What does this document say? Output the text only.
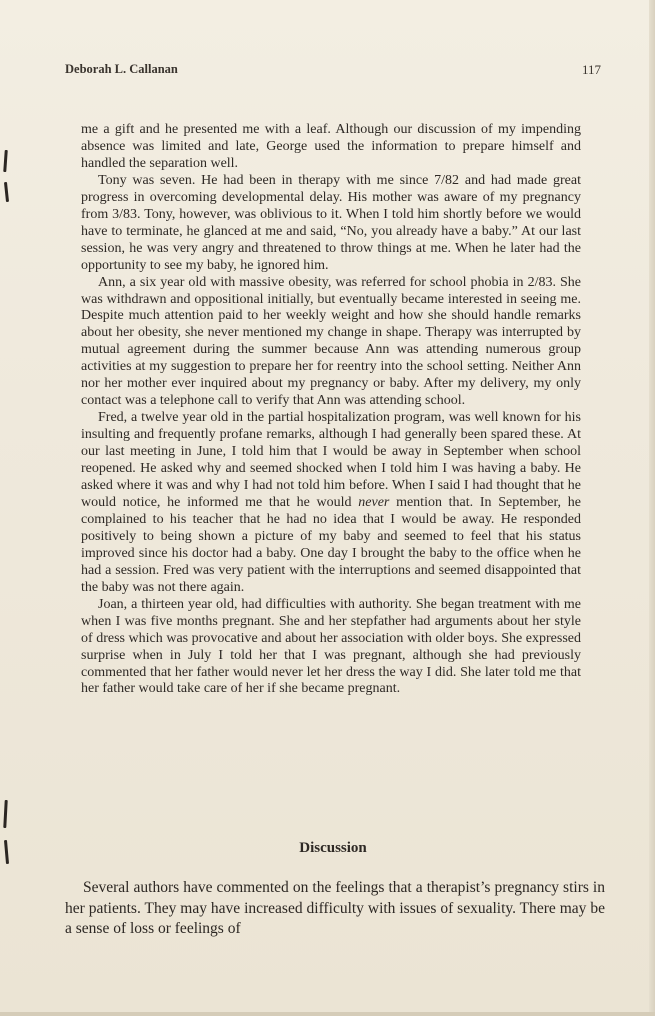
Deborah L. Callanan	117

me a gift and he presented me with a leaf. Although our discussion of my impending absence was limited and late, George used the information to prepare himself and handled the separation well.

Tony was seven. He had been in therapy with me since 7/82 and had made great progress in overcoming developmental delay. His mother was aware of my pregnancy from 3/83. Tony, however, was oblivious to it. When I told him shortly before we would have to terminate, he glanced at me and said, “No, you already have a baby.” At our last session, he was very angry and threatened to throw things at me. When he later had the opportunity to see my baby, he ignored him.

Ann, a six year old with massive obesity, was referred for school phobia in 2/83. She was withdrawn and oppositional initially, but eventually became interested in seeing me. Despite much attention paid to her weekly weight and how she should handle remarks about her obesity, she never mentioned my change in shape. Therapy was interrupted by mutual agreement during the summer because Ann was attending numerous group activities at my suggestion to prepare her for reentry into the school setting. Neither Ann nor her mother ever inquired about my pregnancy or baby. After my delivery, my only contact was a telephone call to verify that Ann was attending school.

Fred, a twelve year old in the partial hospitalization program, was well known for his insulting and frequently profane remarks, although I had generally been spared these. At our last meeting in June, I told him that I would be away in September when school reopened. He asked why and seemed shocked when I told him I was having a baby. He asked where it was and why I had not told him before. When I said I had thought that he would notice, he informed me that he would never mention that. In September, he complained to his teacher that he had no idea that I would be away. He responded positively to being shown a picture of my baby and seemed to feel that his status improved since his doctor had a baby. One day I brought the baby to the office when he had a session. Fred was very patient with the interruptions and seemed disappointed that the baby was not there again.

Joan, a thirteen year old, had difficulties with authority. She began treatment with me when I was five months pregnant. She and her stepfather had arguments about her style of dress which was provocative and about her association with older boys. She expressed surprise when in July I told her that I was pregnant, although she had previously commented that her father would never let her dress the way I did. She later told me that her father would take care of her if she became pregnant.

Discussion

Several authors have commented on the feelings that a therapist’s pregnancy stirs in her patients. They may have increased difficulty with issues of sexuality. There may be a sense of loss or feelings of
